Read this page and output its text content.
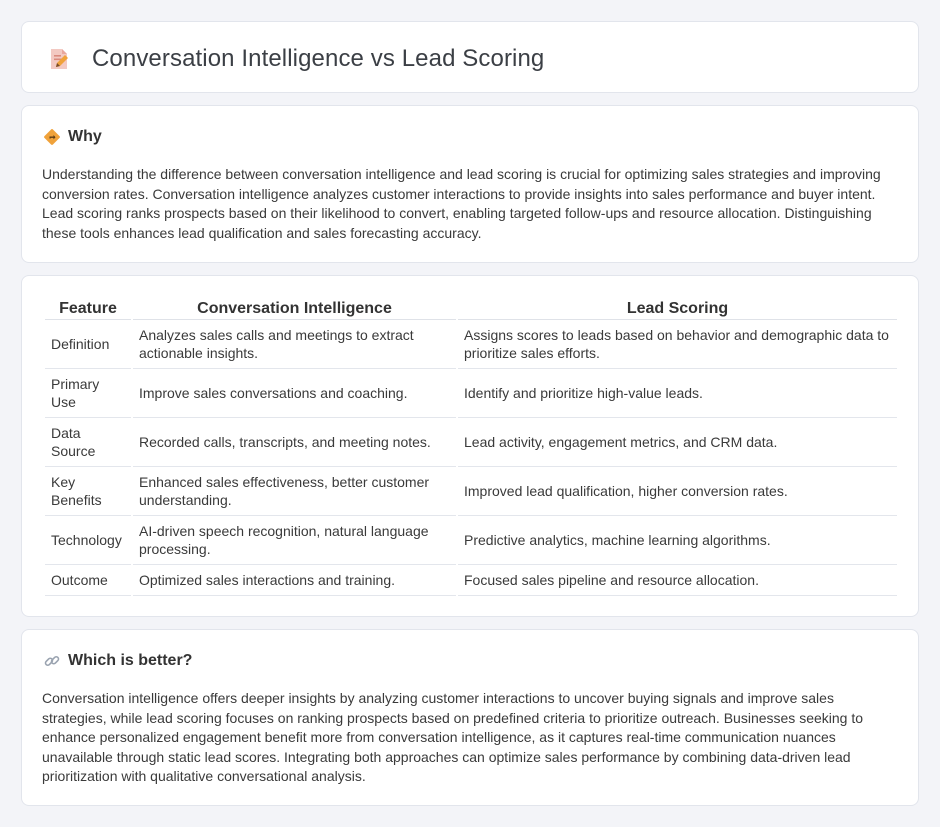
Conversation Intelligence vs Lead Scoring
Why

Understanding the difference between conversation intelligence and lead scoring is crucial for optimizing sales strategies and improving conversion rates. Conversation intelligence analyzes customer interactions to provide insights into sales performance and buyer intent. Lead scoring ranks prospects based on their likelihood to convert, enabling targeted follow-ups and resource allocation. Distinguishing these tools enhances lead qualification and sales forecasting accuracy.

Feature	Conversation Intelligence	Lead Scoring
Definition	Analyzes sales calls and meetings to extract actionable insights.	Assigns scores to leads based on behavior and demographic data to prioritize sales efforts.
Primary Use	Improve sales conversations and coaching.	Identify and prioritize high-value leads.
Data Source	Recorded calls, transcripts, and meeting notes.	Lead activity, engagement metrics, and CRM data.
Key Benefits	Enhanced sales effectiveness, better customer understanding.	Improved lead qualification, higher conversion rates.
Technology	AI-driven speech recognition, natural language processing.	Predictive analytics, machine learning algorithms.
Outcome	Optimized sales interactions and training.	Focused sales pipeline and resource allocation.
Which is better?

Conversation intelligence offers deeper insights by analyzing customer interactions to uncover buying signals and improve sales strategies, while lead scoring focuses on ranking prospects based on predefined criteria to prioritize outreach. Businesses seeking to enhance personalized engagement benefit more from conversation intelligence, as it captures real-time communication nuances unavailable through static lead scores. Integrating both approaches can optimize sales performance by combining data-driven lead prioritization with qualitative conversational analysis.
